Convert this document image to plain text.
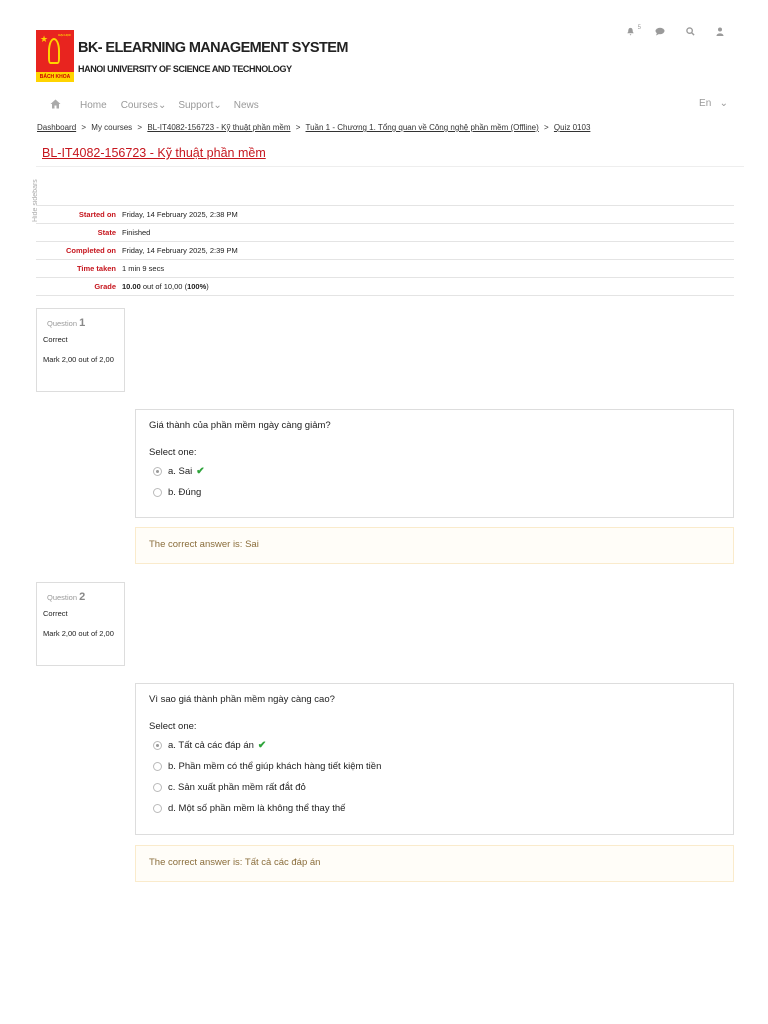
★	ĐẠI HỌC
BÁCH KHOA
BK- ELEARNING MANAGEMENT SYSTEM
HANOI UNIVERSITY OF SCIENCE AND TECHNOLOGY
5
Home Courses⌄ Support⌄ News	En ⌄
Dashboard > My courses > BL-IT4082-156723 - Kỹ thuật phần mềm > Tuần 1 - Chương 1. Tổng quan về Công nghệ phần mềm (Offline) > Quiz 0103
BL-IT4082-156723 - Kỹ thuật phần mềm
Hide sidebars	Started on	Friday, 14 February 2025, 2:38 PM
State	Finished
Completed on	Friday, 14 February 2025, 2:39 PM
Time taken	1 min 9 secs
Grade	10.00 out of 10,00 (100%)
Question 1
Correct
Mark 2,00 out of 2,00
Giá thành của phần mềm ngày càng giảm?
Select one:
a. Sai ✔
b. Đúng
The correct answer is: Sai
Question 2
Correct
Mark 2,00 out of 2,00
Vì sao giá thành phần mềm ngày càng cao?
Select one:
a. Tất cả các đáp án ✔
b. Phần mềm có thể giúp khách hàng tiết kiệm tiền
c. Sản xuất phần mềm rất đắt đỏ
d. Một số phần mềm là không thể thay thế
The correct answer is: Tất cả các đáp án
